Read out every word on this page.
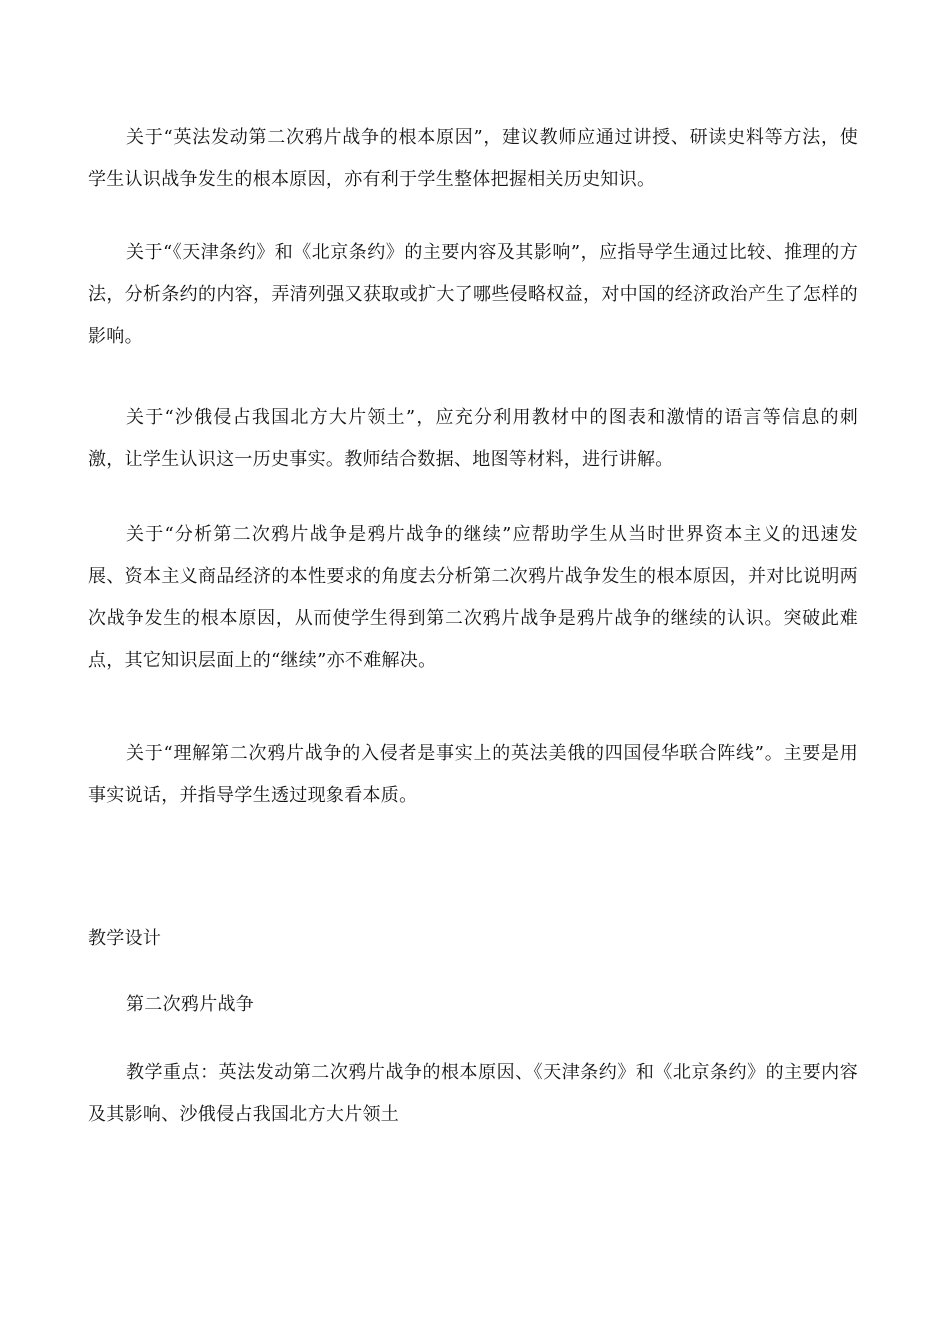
关于“英法发动第二次鸦片战争的根本原因”，建议教师应通过讲授、研读史料等方法，使学生认识战争发生的根本原因，亦有利于学生整体把握相关历史知识。

关于“《天津条约》和《北京条约》的主要内容及其影响”，应指导学生通过比较、推理的方法，分析条约的内容，弄清列强又获取或扩大了哪些侵略权益，对中国的经济政治产生了怎样的影响。

关于“沙俄侵占我国北方大片领土”，应充分利用教材中的图表和激情的语言等信息的刺激，让学生认识这一历史事实。教师结合数据、地图等材料，进行讲解。

关于“分析第二次鸦片战争是鸦片战争的继续”应帮助学生从当时世界资本主义的迅速发展、资本主义商品经济的本性要求的角度去分析第二次鸦片战争发生的根本原因，并对比说明两次战争发生的根本原因，从而使学生得到第二次鸦片战争是鸦片战争的继续的认识。突破此难点，其它知识层面上的“继续”亦不难解决。

关于“理解第二次鸦片战争的入侵者是事实上的英法美俄的四国侵华联合阵线”。主要是用事实说话，并指导学生透过现象看本质。

教学设计
第二次鸦片战争

教学重点：英法发动第二次鸦片战争的根本原因、《天津条约》和《北京条约》的主要内容及其影响、沙俄侵占我国北方大片领土
